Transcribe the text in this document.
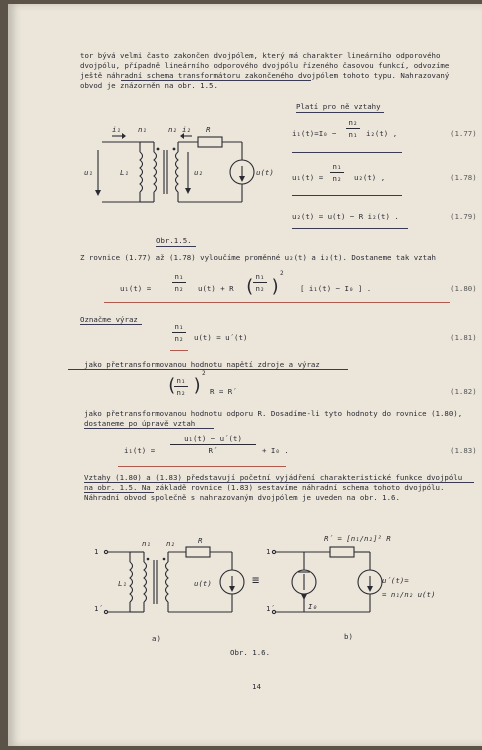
tor bývá velmi často zakončen dvojpólem, který má charakter lineárního odporového
dvojpólu, případně lineárního odporového dvojpólu řízeného časovou funkcí, odvozíme
ještě náhradní schema transformátoru zakončeného dvojpólem tohoto typu. Nahrazovaný
obvod je znázorněn na obr. 1.5.
i₁ n₁	n₂ i₂ R
u₁	L₁	u₂	u(t)
Obr.1.5.
Platí pro ně vztahy
i₁(t)=I₀ −
n₂
n₁ i₂(t) ,	(1.77)
u₁(t) =
n₁
n₂ u₂(t) ,	(1.78)
u₂(t) = u(t) − R i₂(t) .	(1.79)
Z rovnice (1.77) až (1.78) vyloučíme proměnné u₂(t) a i₂(t). Dostaneme tak vztah
u₁(t) =
n₁
n₂ u(t) + R ( n₁
n₂ )
2
[ i₁(t) − I₀ ] .	(1.80)
Označme výraz
n₁
n₂ u(t) = u´(t)	(1.81)
jako přetransformovanou hodnotu napětí zdroje a výraz
( n₁
n₂ )
2
R = R´	(1.82)
jako přetransformovanou hodnotu odporu R. Dosadíme-li tyto hodnoty do rovnice (1.80),
dostaneme po úpravě vztah
i₁(t) =
u₁(t) − u´(t)
R´	+ I₀ .	(1.83)
Vztahy (1.80) a (1.83) představují početní vyjádření charakteristické funkce dvojpólu
na obr. 1.5. Na základě rovnice (1.83) sestavíme náhradní schema tohoto dvojpólu.
Náhradní obvod společně s nahrazovaným dvojpólem je uveden na obr. 1.6.
1
1´
n₁ n₂	R
L₁	u(t)	≡
a)
1
1´
R´ = [n₁/n₂]² R
I₀
u´(t)=
= n₁/n₂ u(t)
b)
Obr. 1.6.
14
